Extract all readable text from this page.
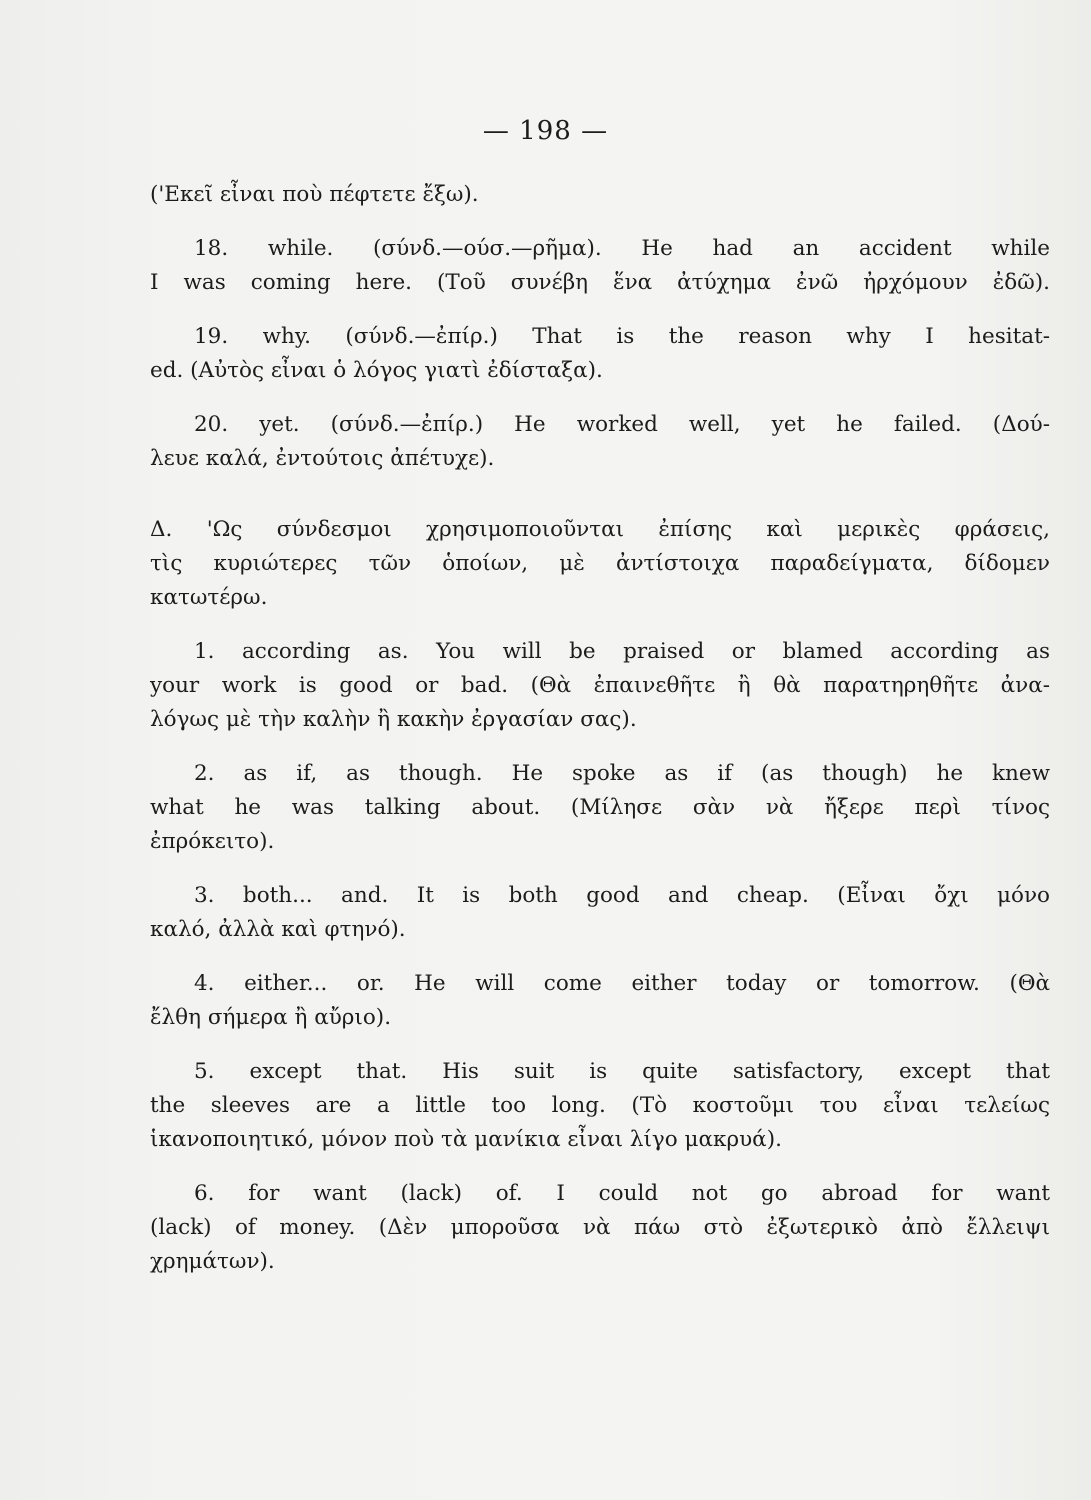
— 198 —
('Εκεῖ εἶναι ποὺ πέφτετε ἔξω).
18. while. (σύνδ.—ούσ.—ρῆμα). He had an accident while
I was coming here. (Τοῦ συνέβη ἕνα ἀτύχημα ἐνῶ ἠρχόμουν ἐδῶ).
19. why. (σύνδ.—ἐπίρ.) That is the reason why I hesitat-
ed. (Αὐτὸς εἶναι ὁ λόγος γιατὶ ἐδίσταξα).
20. yet. (σύνδ.—ἐπίρ.) He worked well, yet he failed. (Δού-
λευε καλά, ἐντούτοις ἀπέτυχε).
Δ. 'Ως σύνδεσμοι χρησιμοποιοῦνται ἐπίσης καὶ μερικὲς φράσεις,
τὶς κυριώτερες τῶν ὁποίων, μὲ ἀντίστοιχα παραδείγματα, δίδομεν
κατωτέρω.
1. according as. You will be praised or blamed according as
your work is good or bad. (Θὰ ἐπαινεθῆτε ἢ θὰ παρατηρηθῆτε ἀνα-
λόγως μὲ τὴν καλὴν ἢ κακὴν ἐργασίαν σας).
2. as if, as though. He spoke as if (as though) he knew
what he was talking about. (Μίλησε σὰν νὰ ἤξερε περὶ τίνος
ἐπρόκειτο).
3. both... and. It is both good and cheap. (Εἶναι ὄχι μόνο
καλό, ἀλλὰ καὶ φτηνό).
4. either... or. He will come either today or tomorrow. (Θὰ
ἔλθη σήμερα ἢ αὔριο).
5. except that. His suit is quite satisfactory, except that
the sleeves are a little too long. (Τὸ κοστοῦμι του εἶναι τελείως
ἱκανοποιητικό, μόνον ποὺ τὰ μανίκια εἶναι λίγο μακρυά).
6. for want (lack) of. I could not go abroad for want
(lack) of money. (Δὲν μποροῦσα νὰ πάω στὸ ἐξωτερικὸ ἀπὸ ἔλλειψι
χρημάτων).
